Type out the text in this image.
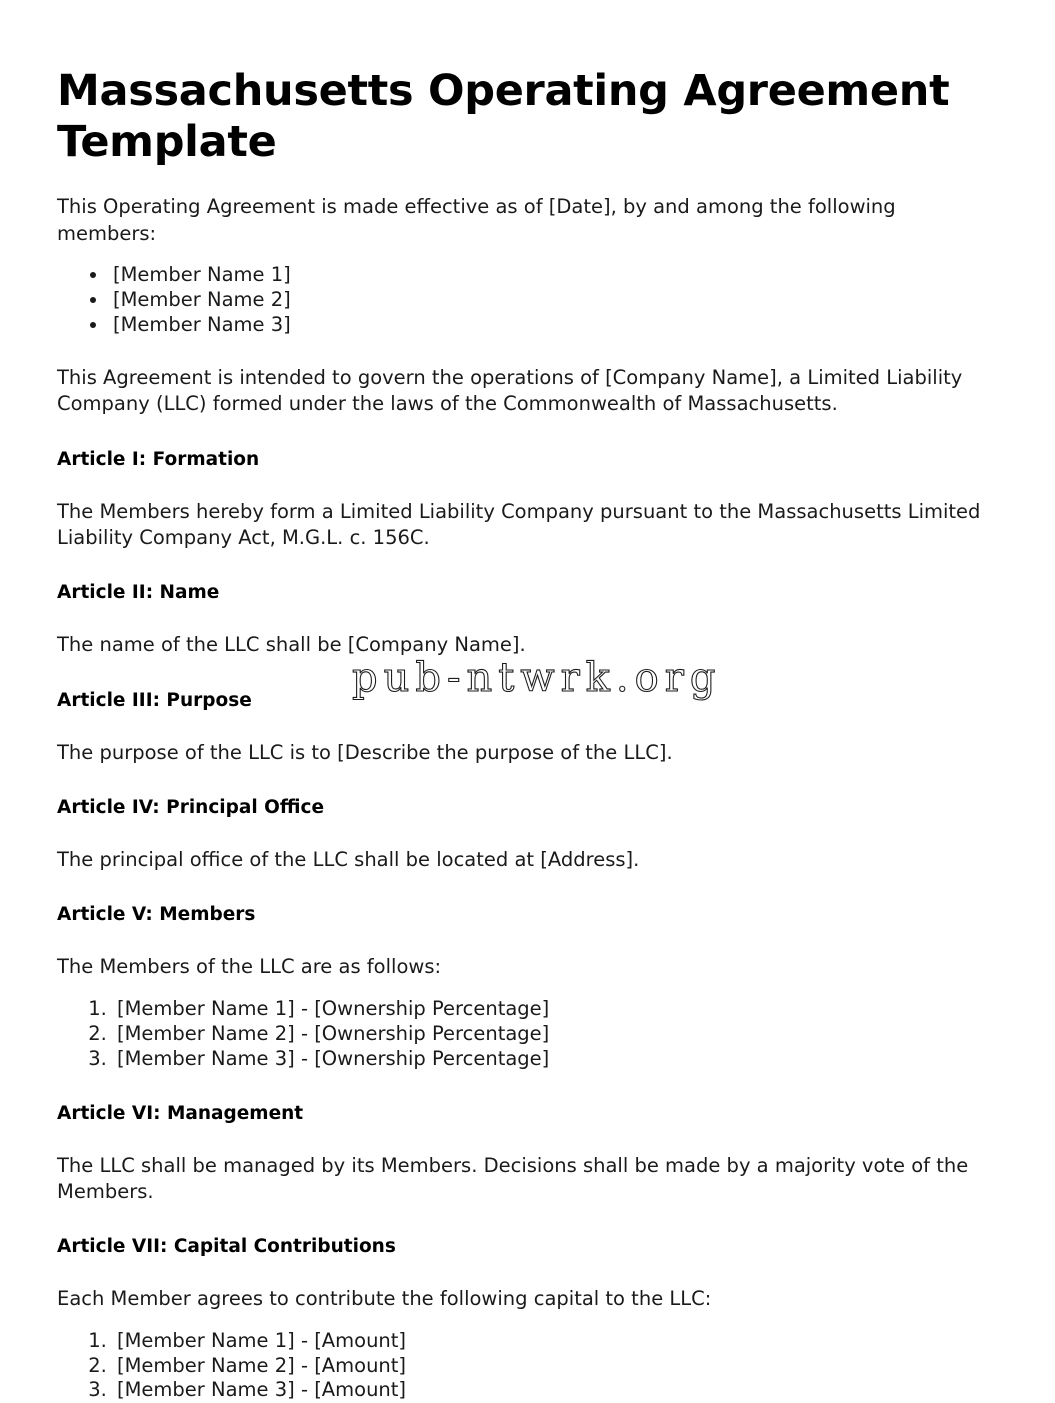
Massachusetts Operating Agreement Template

This Operating Agreement is made effective as of [Date], by and among the following members:

• [Member Name 1]
• [Member Name 2]
• [Member Name 3]

This Agreement is intended to govern the operations of [Company Name], a Limited Liability Company (LLC) formed under the laws of the Commonwealth of Massachusetts.

Article I: Formation

The Members hereby form a Limited Liability Company pursuant to the Massachusetts Limited Liability Company Act, M.G.L. c. 156C.

Article II: Name

The name of the LLC shall be [Company Name].

Article III: Purpose

The purpose of the LLC is to [Describe the purpose of the LLC].

Article IV: Principal Office

The principal office of the LLC shall be located at [Address].

Article V: Members

The Members of the LLC are as follows:

1. [Member Name 1] - [Ownership Percentage]
2. [Member Name 2] - [Ownership Percentage]
3. [Member Name 3] - [Ownership Percentage]
Article VI: Management

The LLC shall be managed by its Members. Decisions shall be made by a majority vote of the Members.

Article VII: Capital Contributions

Each Member agrees to contribute the following capital to the LLC:

1. [Member Name 1] - [Amount]
2. [Member Name 2] - [Amount]
3. [Member Name 3] - [Amount]
pub-ntwrk.org
